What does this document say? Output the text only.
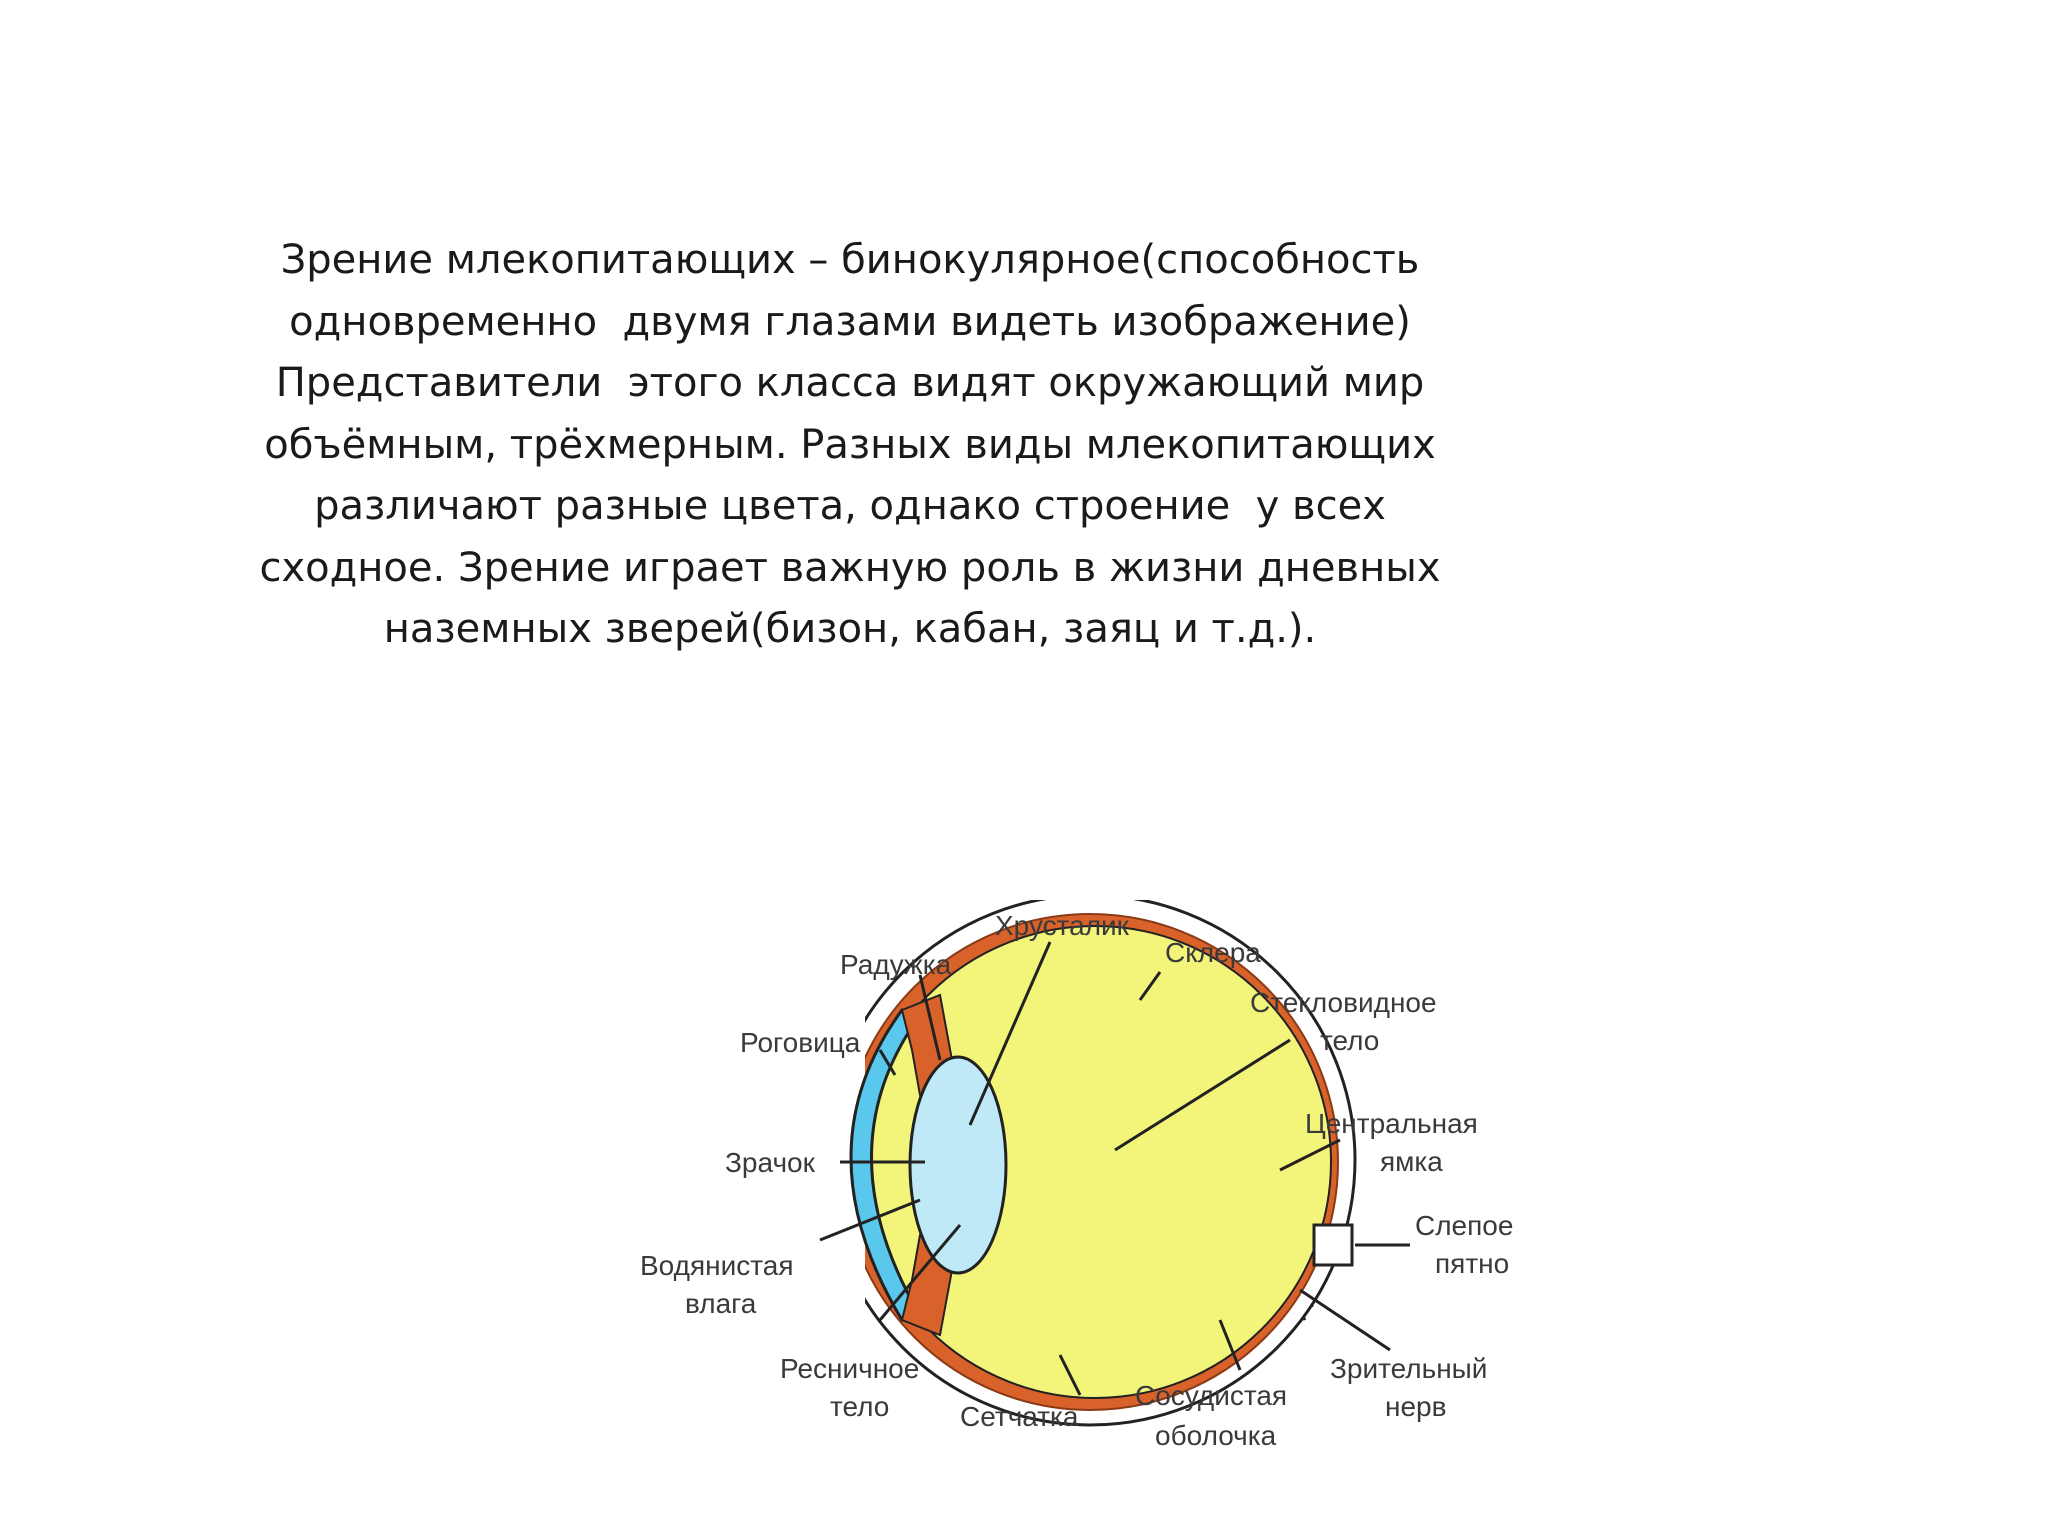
Зрение млекопитающих – бинокулярное(способность
одновременно  двумя глазами видеть изображение)
Представители  этого класса видят окружающий мир
объёмным, трёхмерным. Разных виды млекопитающих
различают разные цвета, однако строение  у всех
сходное. Зрение играет важную роль в жизни дневных
наземных зверей(бизон, кабан, заяц и т.д.).
Хрусталик
Склера
Радужка
Роговица
Стекловидное
тело
Центральная
ямка
Зрачок
Слепое
пятно
Водянистая
влага
Ресничное
тело	Сетчатка
Сосудистая
оболочка
Зрительный
нерв
